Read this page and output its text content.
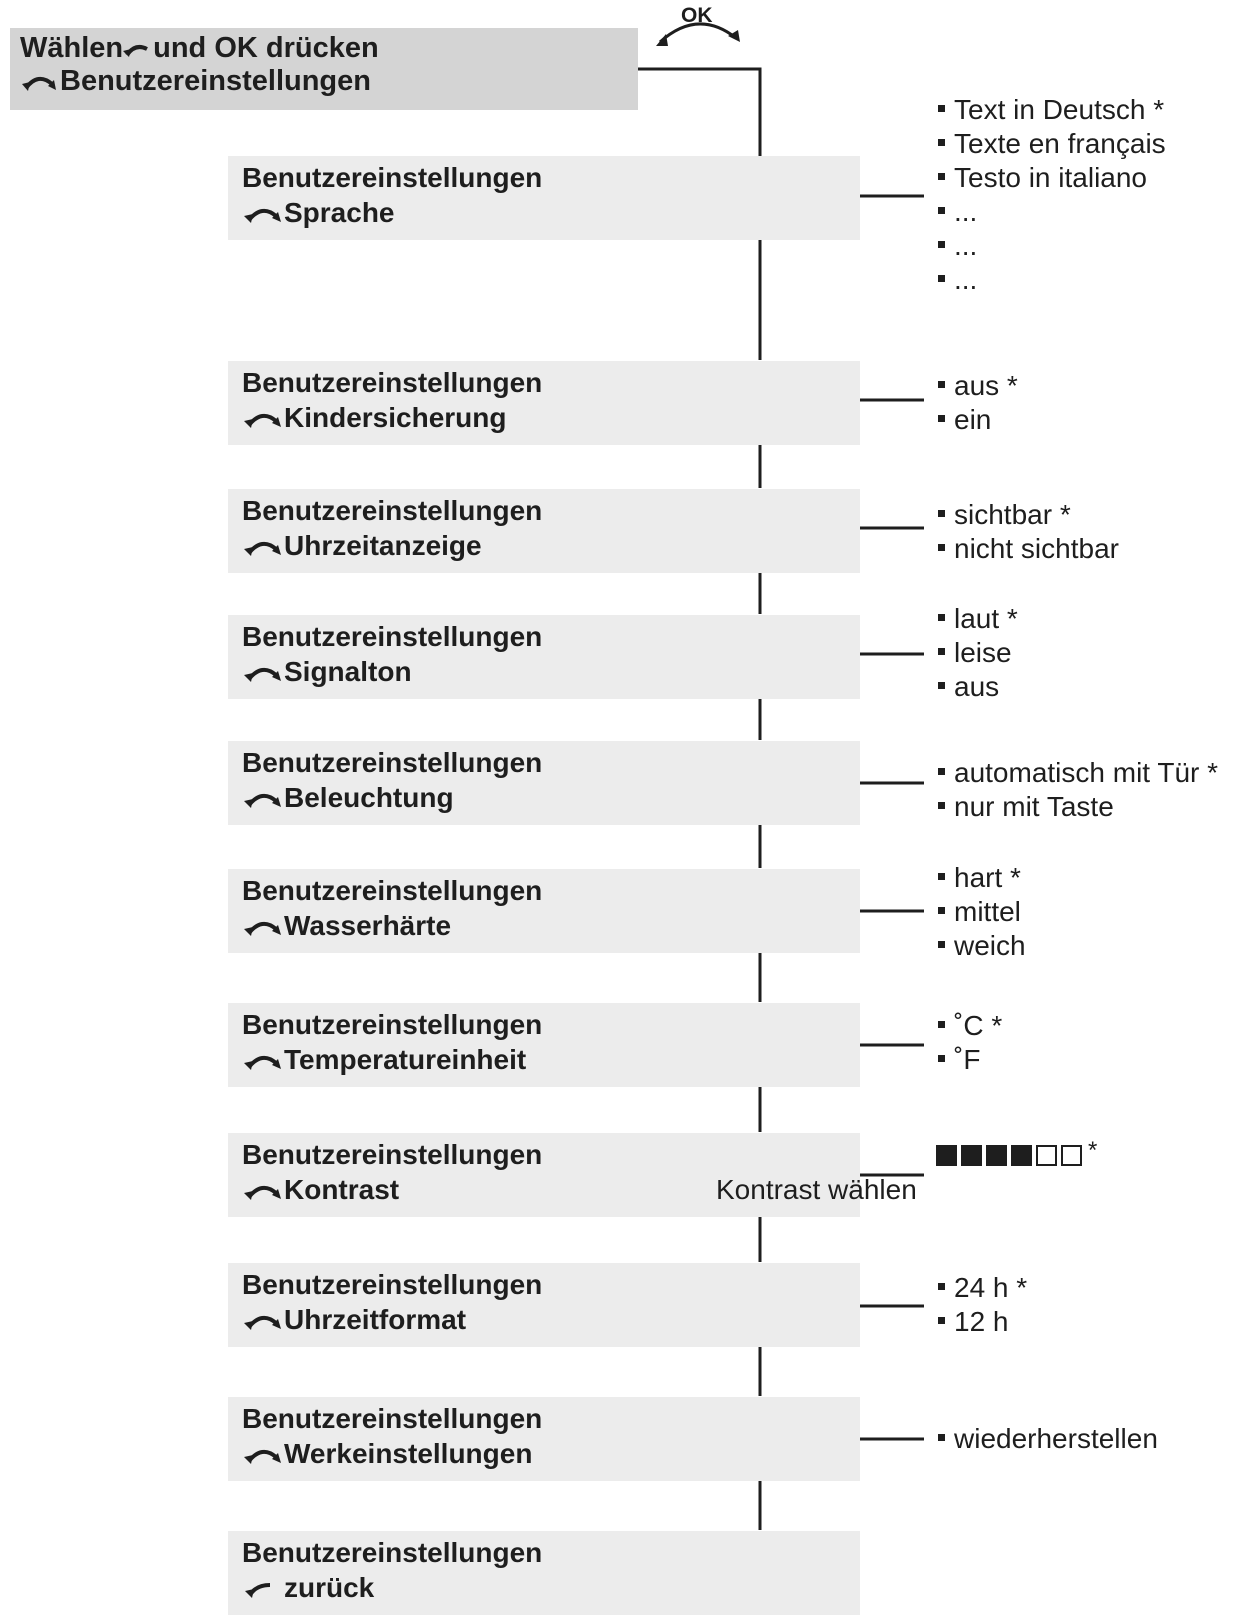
OK
Wählen und OK drücken
Benutzereinstellungen
Benutzereinstellungen
Sprache
Benutzereinstellungen
Kindersicherung
Benutzereinstellungen
Uhrzeitanzeige
Benutzereinstellungen
Signalton
Benutzereinstellungen
Beleuchtung
Benutzereinstellungen
Wasserhärte
Benutzereinstellungen
Temperatureinheit
Benutzereinstellungen
Kontrast	Kontrast wählen
Benutzereinstellungen
Uhrzeitformat
Benutzereinstellungen
Werkeinstellungen
Benutzereinstellungen
zurück
Text in Deutsch *
Texte en français
Testo in italiano
...
...
...
aus *
ein
sichtbar *
nicht sichtbar
laut *
leise
aus
automatisch mit Tür *
nur mit Taste
hart *
mittel
weich
˚C *
˚F
*
24 h *
12 h
wiederherstellen
